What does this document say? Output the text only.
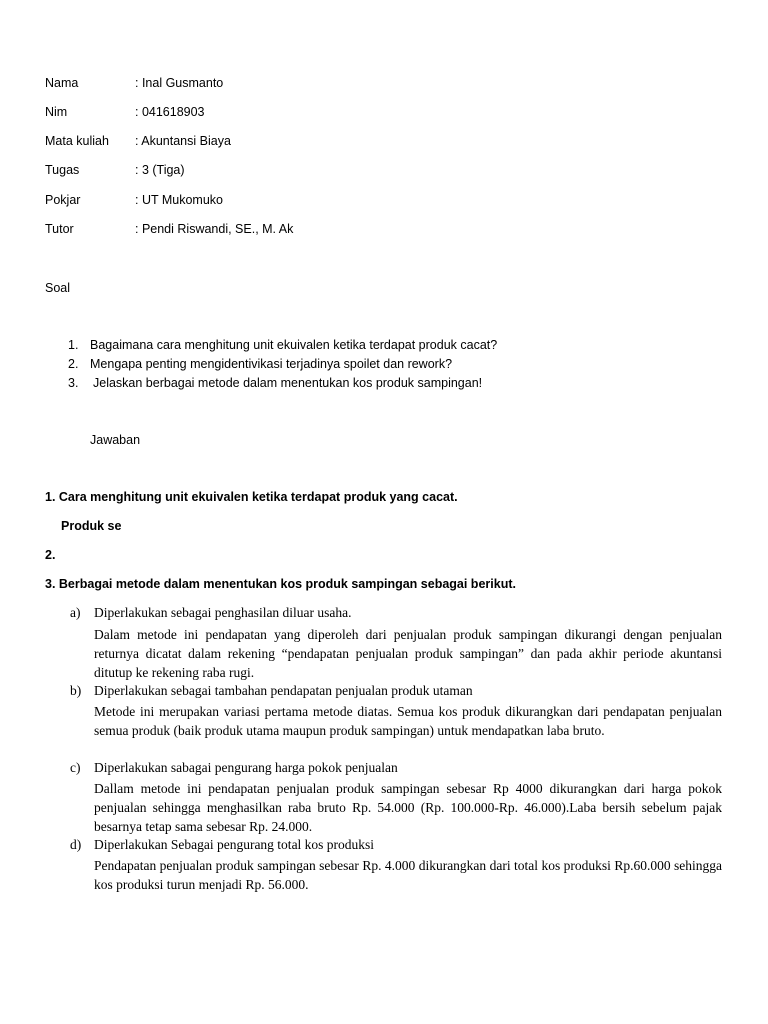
Nama	: Inal Gusmanto
Nim	: 041618903
Mata kuliah : Akuntansi Biaya
Tugas	: 3 (Tiga)
Pokjar	: UT Mukomuko
Tutor	: Pendi Riswandi, SE., M. Ak
Soal
1. Bagaimana cara menghitung unit ekuivalen ketika terdapat produk cacat?
2. Mengapa penting mengidentivikasi terjadinya spoilet dan rework?
3. Jelaskan berbagai metode dalam menentukan kos produk sampingan!
Jawaban
1. Cara menghitung unit ekuivalen ketika terdapat produk yang cacat.
Produk se
2.
3. Berbagai metode dalam menentukan kos produk sampingan sebagai berikut.
a) Diperlakukan sebagai penghasilan diluar usaha.
Dalam metode ini pendapatan yang diperoleh dari penjualan produk sampingan dikurangi dengan penjualan returnya dicatat dalam rekening “pendapatan penjualan produk sampingan” dan pada akhir periode akuntansi ditutup ke rekening raba rugi.
b) Diperlakukan sebagai tambahan pendapatan penjualan produk utaman
Metode ini merupakan variasi pertama metode diatas. Semua kos produk dikurangkan dari pendapatan penjualan semua produk (baik produk utama maupun produk sampingan) untuk mendapatkan laba bruto.
c) Diperlakukan sabagai pengurang harga pokok penjualan
Dallam metode ini pendapatan penjualan produk sampingan sebesar Rp 4000 dikurangkan dari harga pokok penjualan sehingga menghasilkan raba bruto Rp. 54.000 (Rp. 100.000-Rp. 46.000).Laba bersih sebelum pajak besarnya tetap sama sebesar Rp. 24.000.
d) Diperlakukan Sebagai pengurang total kos produksi
Pendapatan penjualan produk sampingan sebesar Rp. 4.000 dikurangkan dari total kos produksi Rp.60.000 sehingga kos produksi turun menjadi Rp. 56.000.
